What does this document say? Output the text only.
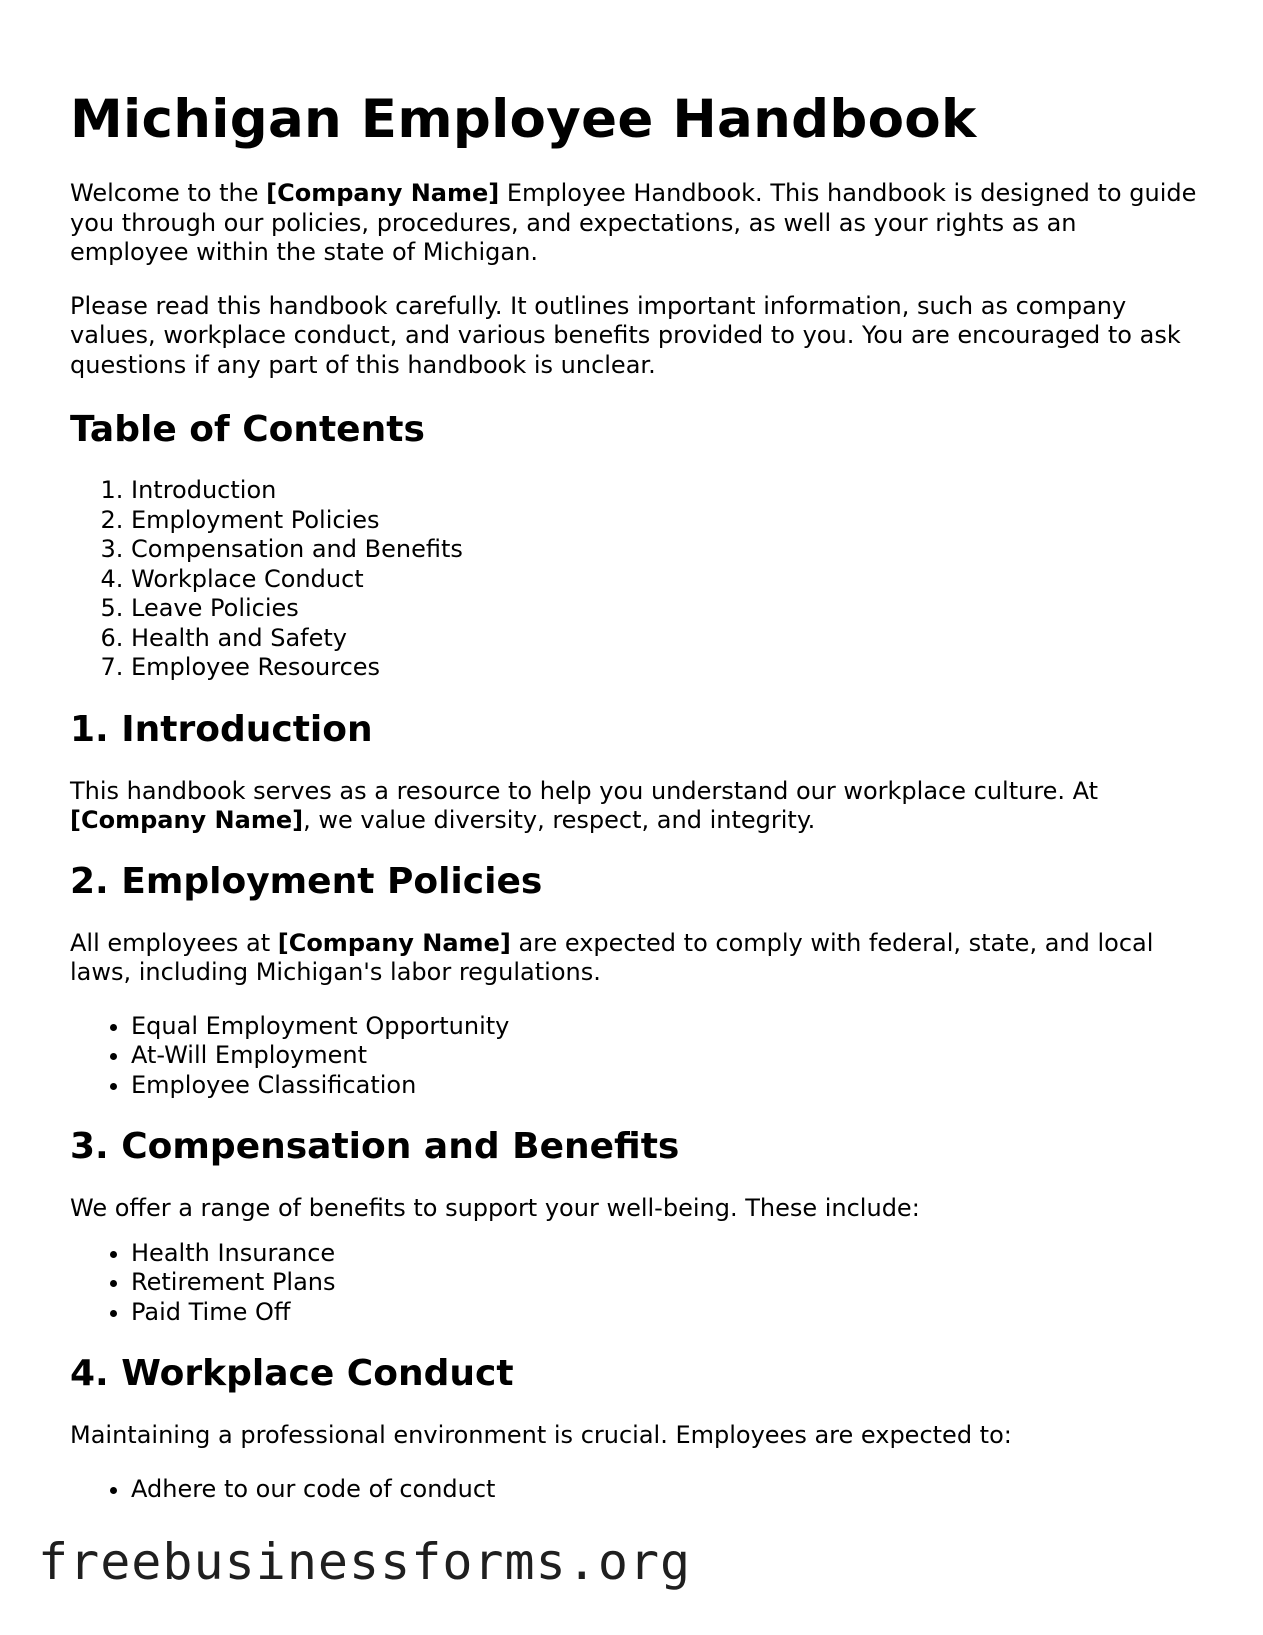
Michigan Employee Handbook

Welcome to the [Company Name] Employee Handbook. This handbook is designed to guide you through our policies, procedures, and expectations, as well as your rights as an employee within the state of Michigan.

Please read this handbook carefully. It outlines important information, such as company values, workplace conduct, and various benefits provided to you. You are encouraged to ask questions if any part of this handbook is unclear.

Table of Contents
1. Introduction
2. Employment Policies
3. Compensation and Benefits
4. Workplace Conduct
5. Leave Policies
6. Health and Safety
7. Employee Resources
1. Introduction

This handbook serves as a resource to help you understand our workplace culture. At [Company Name], we value diversity, respect, and integrity.

2. Employment Policies

All employees at [Company Name] are expected to comply with federal, state, and local laws, including Michigan's labor regulations.

• Equal Employment Opportunity
• At-Will Employment
• Employee Classification
3. Compensation and Benefits

We offer a range of benefits to support your well-being. These include:

• Health Insurance
• Retirement Plans
• Paid Time Off
4. Workplace Conduct

Maintaining a professional environment is crucial. Employees are expected to:

• Adhere to our code of conduct
freebusinessforms.org
